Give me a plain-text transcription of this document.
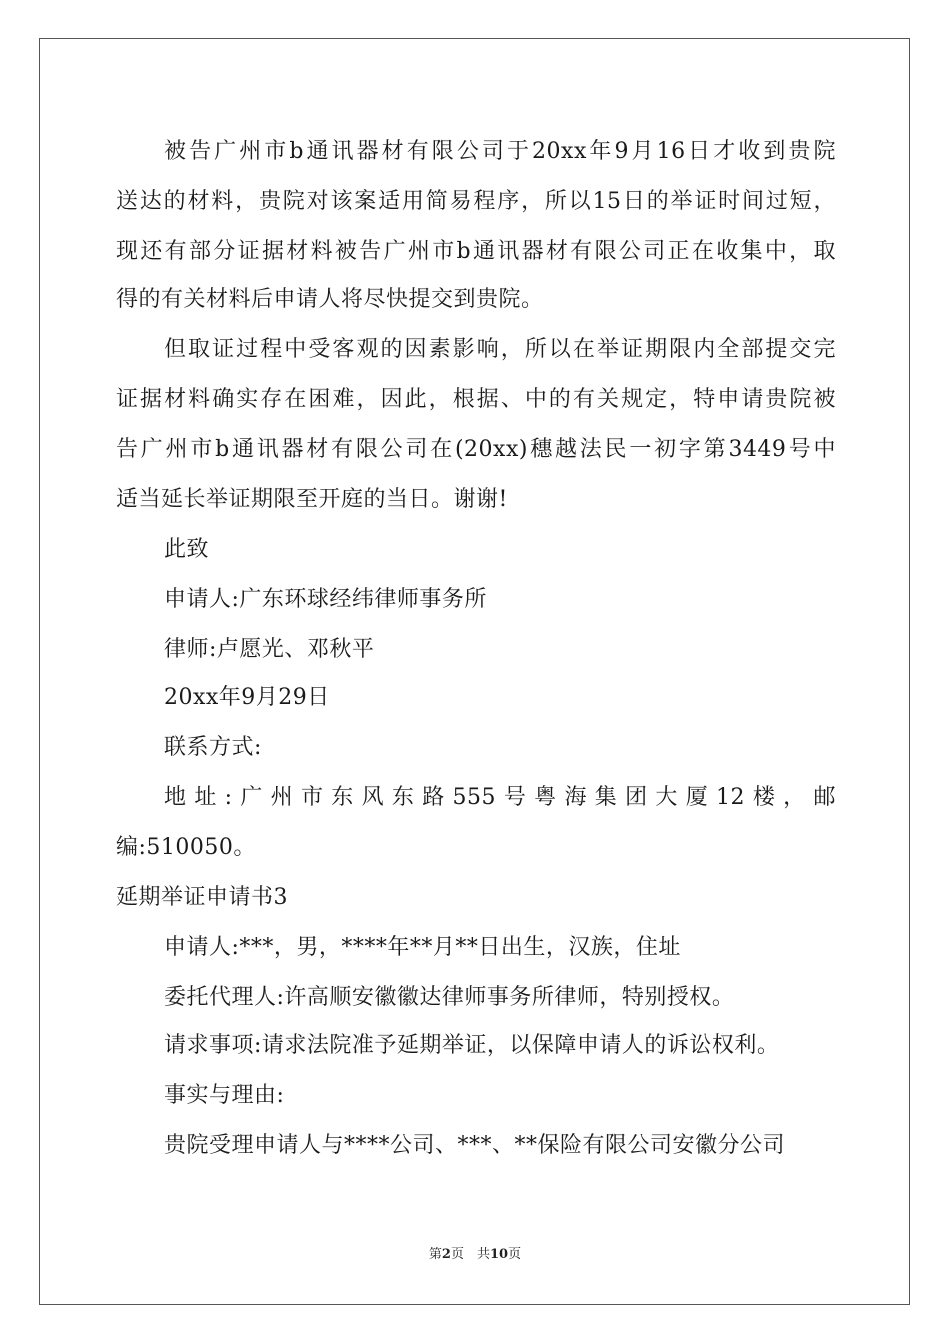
被告广州市b通讯器材有限公司于20xx年9月16日才收到贵院
送达的材料，贵院对该案适用简易程序，所以15日的举证时间过短，
现还有部分证据材料被告广州市b通讯器材有限公司正在收集中，取
得的有关材料后申请人将尽快提交到贵院。
但取证过程中受客观的因素影响，所以在举证期限内全部提交完
证据材料确实存在困难，因此，根据、中的有关规定，特申请贵院被
告广州市b通讯器材有限公司在(20xx)穗越法民一初字第3449号中
适当延长举证期限至开庭的当日。谢谢!
此致
申请人:广东环球经纬律师事务所
律师:卢愿光、邓秋平
20xx年9月29日
联系方式:
地址:广州市东风东路555号粤海集团大厦12楼，邮
编:510050。
延期举证申请书3
申请人:***，男，****年**月**日出生，汉族，住址
委托代理人:许高顺安徽徽达律师事务所律师，特别授权。
请求事项:请求法院准予延期举证，以保障申请人的诉讼权利。
事实与理由:
贵院受理申请人与****公司、***、**保险有限公司安徽分公司
第2页　共10页
